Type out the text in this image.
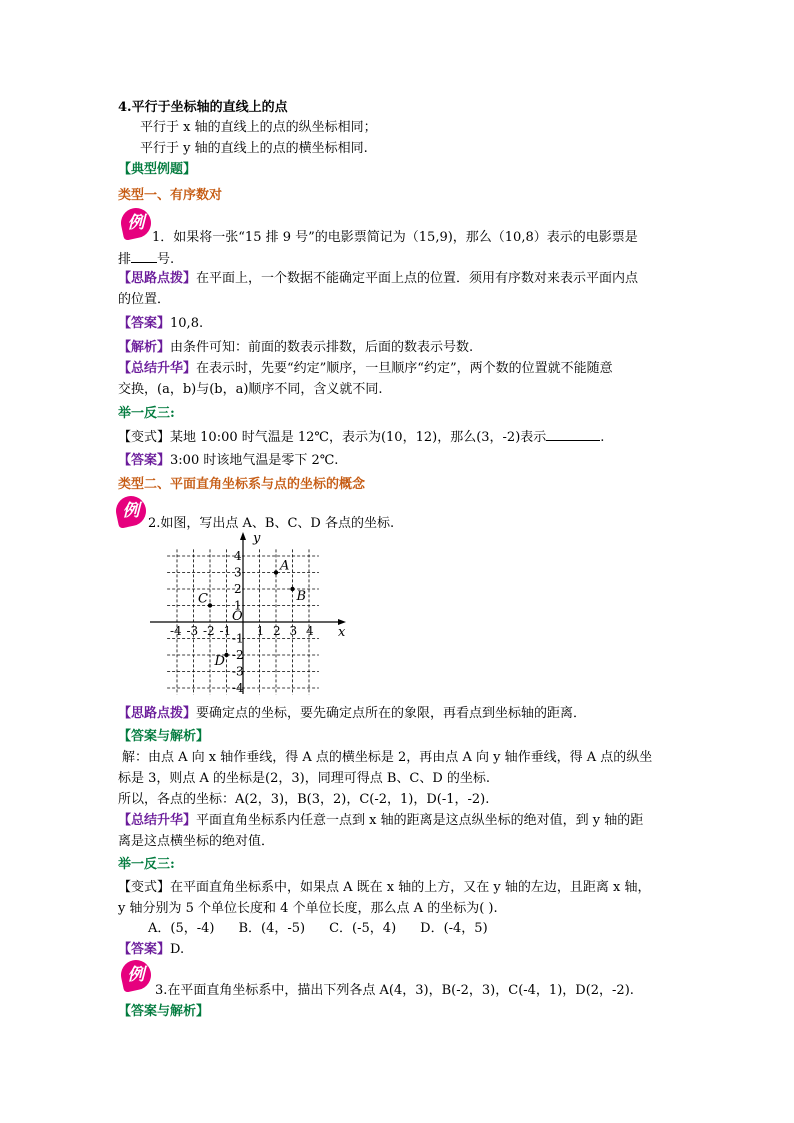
4.平行于坐标轴的直线上的点
平行于 x 轴的直线上的点的纵坐标相同；
平行于 y 轴的直线上的点的横坐标相同.
【典型例题】
类型一、有序数对
例
1．如果将一张“15 排 9 号”的电影票简记为（15,9)，那么（10,8）表示的电影票是
排 号.
【思路点拨】在平面上，一个数据不能确定平面上点的位置．须用有序数对来表示平面内点
的位置．
【答案】10,8.
【解析】由条件可知：前面的数表示排数，后面的数表示号数.
【总结升华】在表示时，先要“约定”顺序，一旦顺序“约定”，两个数的位置就不能随意
交换，(a，b)与(b，a)顺序不同，含义就不同.
举一反三:
【变式】某地 10:00 时气温是 12℃，表示为(10，12)，那么(3，-2)表示	.
【答案】3:00 时该地气温是零下 2℃.
类型二、平面直角坐标系与点的坐标的概念
例
2.如图，写出点 A、B、C、D 各点的坐标.
x
y
O
-4 -3 -2 -1 1 2 3 4
4
3
2
1
-1
-2
-3
-4
A
B
C
D
【思路点拨】要确定点的坐标，要先确定点所在的象限，再看点到坐标轴的距离．
【答案与解析】
解：由点 A 向 x 轴作垂线，得 A 点的横坐标是 2，再由点 A 向 y 轴作垂线，得 A 点的纵坐
标是 3，则点 A 的坐标是(2，3)，同理可得点 B、C、D 的坐标.
所以，各点的坐标：A(2，3)，B(3，2)，C(-2，1)，D(-1，-2).
【总结升华】平面直角坐标系内任意一点到 x 轴的距离是这点纵坐标的绝对值，到 y 轴的距
离是这点横坐标的绝对值．
举一反三:
【变式】在平面直角坐标系中，如果点 A 既在 x 轴的上方，又在 y 轴的左边，且距离 x 轴，
y 轴分别为 5 个单位长度和 4 个单位长度，那么点 A 的坐标为( ).
A．(5，-4) B．(4，-5) C．(-5，4) D．(-4，5)
【答案】D.
例
3.在平面直角坐标系中，描出下列各点 A(4，3)，B(-2，3)，C(-4，1)，D(2，-2).
【答案与解析】
